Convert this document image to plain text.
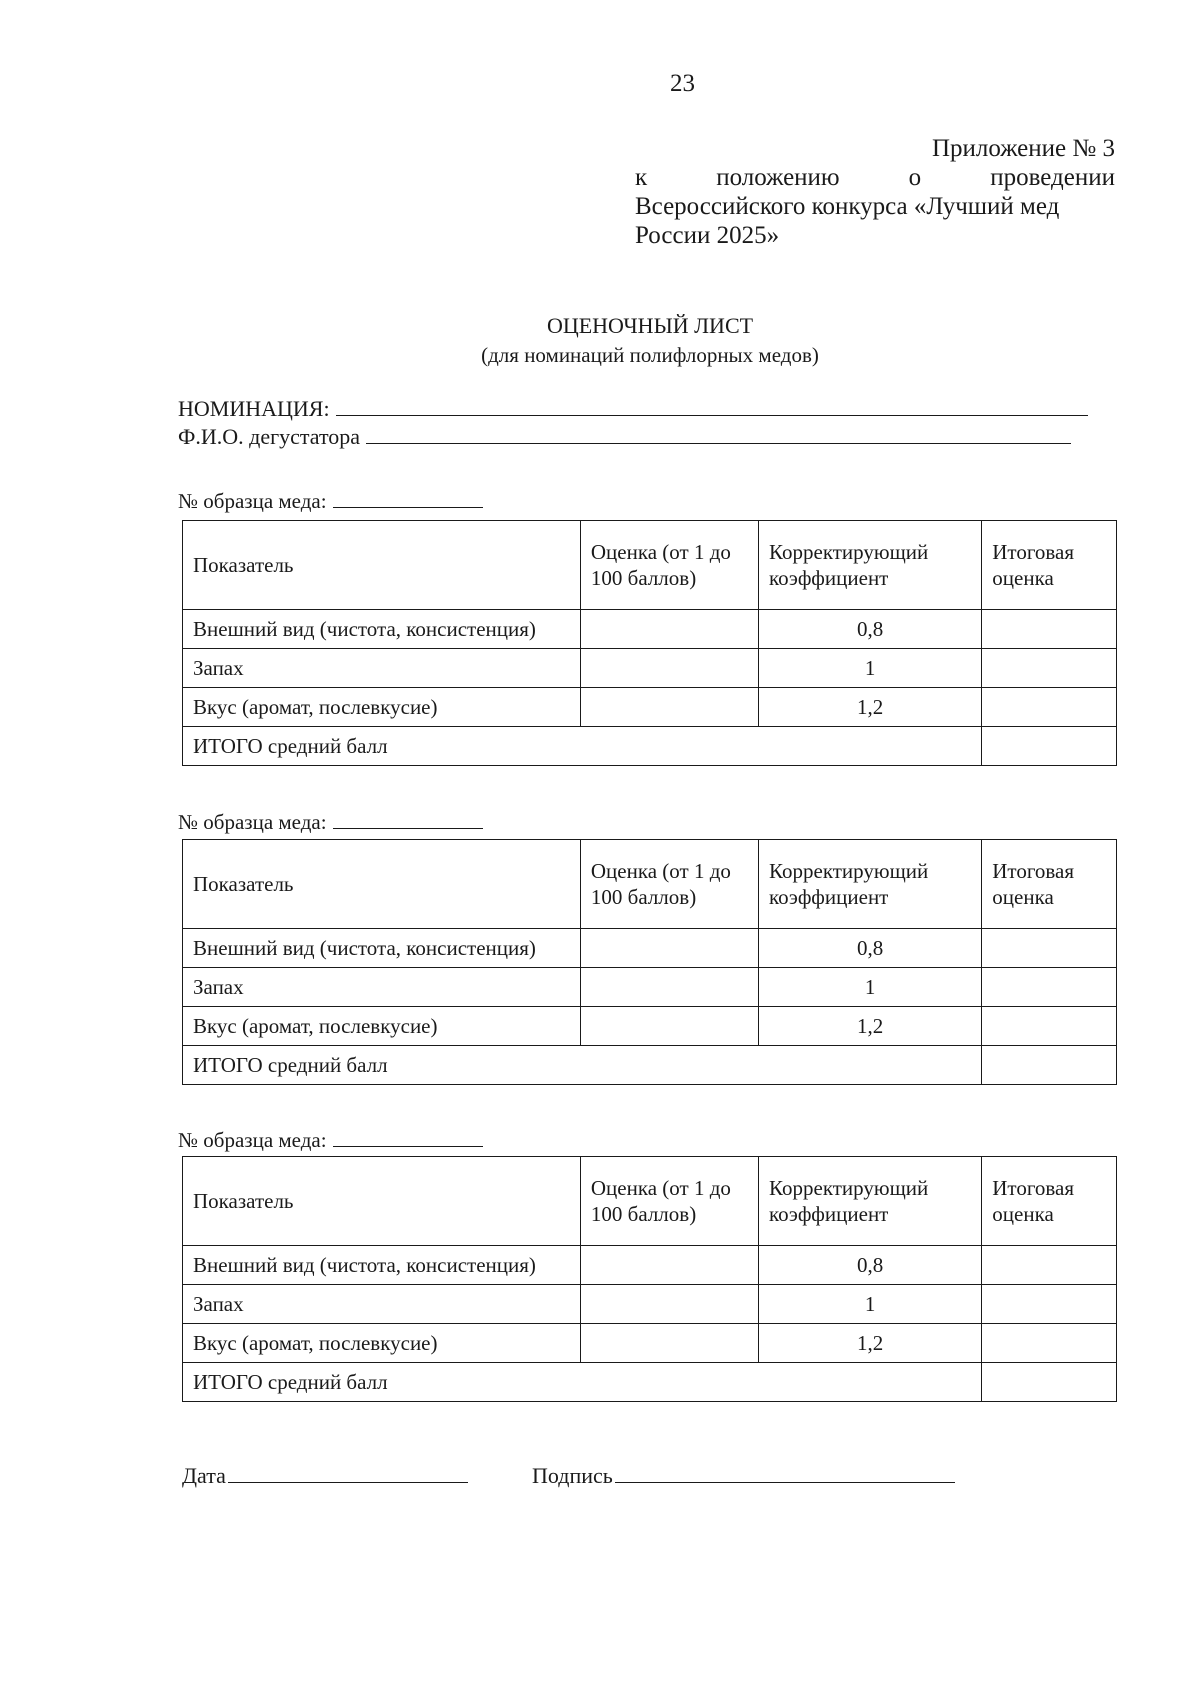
23
Приложение № 3
к положению о проведении
Всероссийского конкурса «Лучший мед
России 2025»
ОЦЕНОЧНЫЙ ЛИСТ
(для номинаций полифлорных медов)
НОМИНАЦИЯ:
Ф.И.О. дегустатора
№ образца меда:
Показатель	Оценка (от 1 до 100 баллов)	Корректирующий коэффициент	Итоговая оценка
Внешний вид (чистота, консистенция)		0,8	
Запах		1	
Вкус (аромат, послевкусие)		1,2	
ИТОГО средний балл			
№ образца меда:
Показатель	Оценка (от 1 до 100 баллов)	Корректирующий коэффициент	Итоговая оценка
Внешний вид (чистота, консистенция)		0,8	
Запах		1	
Вкус (аромат, послевкусие)		1,2	
ИТОГО средний балл			
№ образца меда:
Показатель	Оценка (от 1 до 100 баллов)	Корректирующий коэффициент	Итоговая оценка
Внешний вид (чистота, консистенция)		0,8	
Запах		1	
Вкус (аромат, послевкусие)		1,2	
ИТОГО средний балл			
Дата	Подпись
